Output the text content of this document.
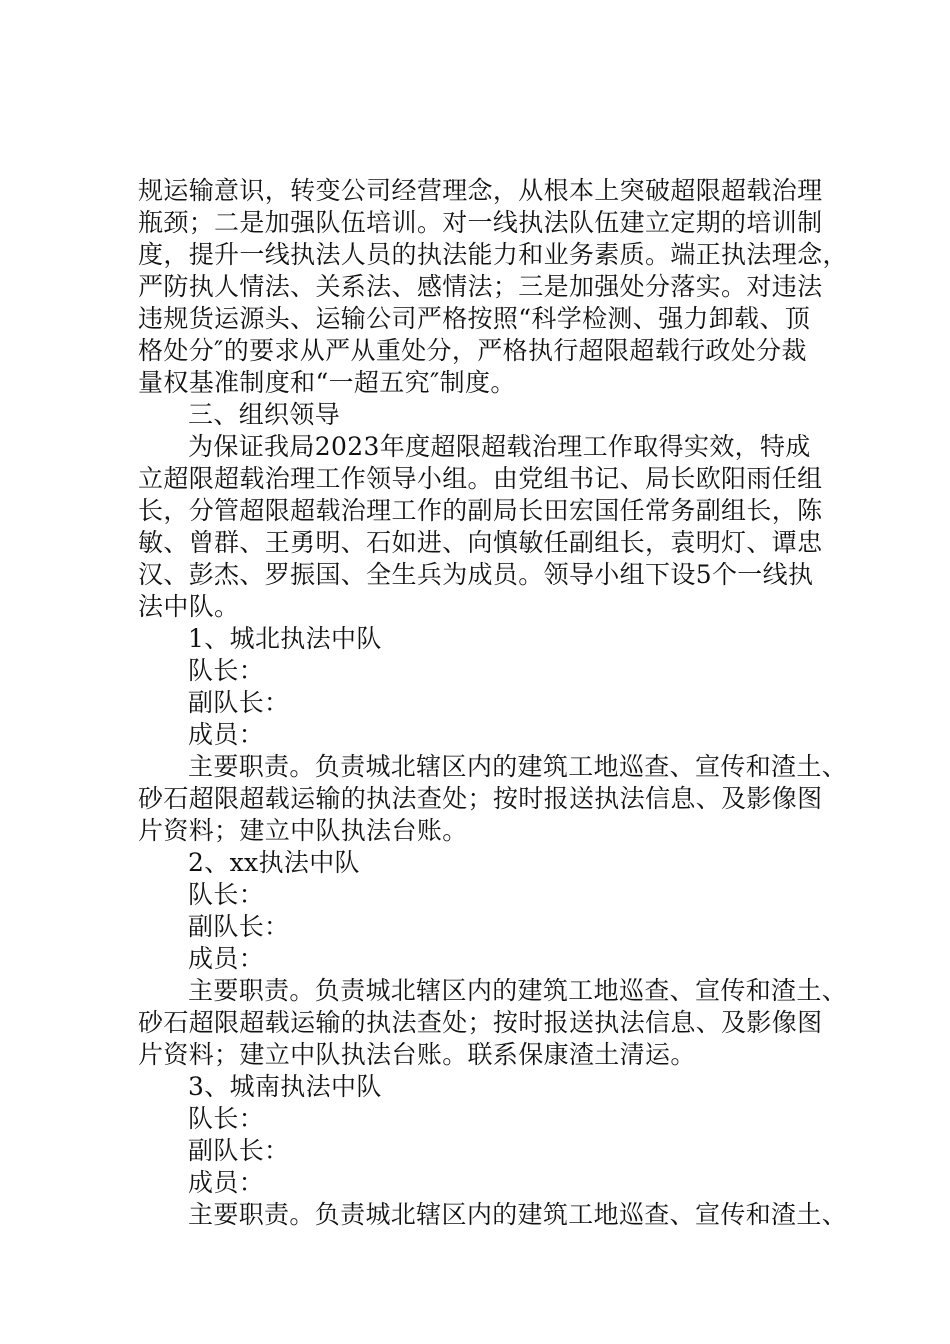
规运输意识，转变公司经营理念，从根本上突破超限超载治理
瓶颈；二是加强队伍培训。对一线执法队伍建立定期的培训制
度，提升一线执法人员的执法能力和业务素质。端正执法理念，
严防执人情法、关系法、感情法；三是加强处分落实。对违法
违规货运源头、运输公司严格按照“科学检测、强力卸载、顶
格处分″的要求从严从重处分，严格执行超限超载行政处分裁
量权基准制度和“一超五究″制度。
三、组织领导
为保证我局2023年度超限超载治理工作取得实效，特成
立超限超载治理工作领导小组。由党组书记、局长欧阳雨任组
长，分管超限超载治理工作的副局长田宏国任常务副组长，陈
敏、曾群、王勇明、石如进、向慎敏任副组长，袁明灯、谭忠
汉、彭杰、罗振国、全生兵为成员。领导小组下设5个一线执
法中队。
1、城北执法中队
队长：
副队长：
成员：
主要职责。负责城北辖区内的建筑工地巡查、宣传和渣土、
砂石超限超载运输的执法查处；按时报送执法信息、及影像图
片资料；建立中队执法台账。
2、xx执法中队
队长：
副队长：
成员：
主要职责。负责城北辖区内的建筑工地巡查、宣传和渣土、
砂石超限超载运输的执法查处；按时报送执法信息、及影像图
片资料；建立中队执法台账。联系保康渣土清运。
3、城南执法中队
队长：
副队长：
成员：
主要职责。负责城北辖区内的建筑工地巡查、宣传和渣土、
